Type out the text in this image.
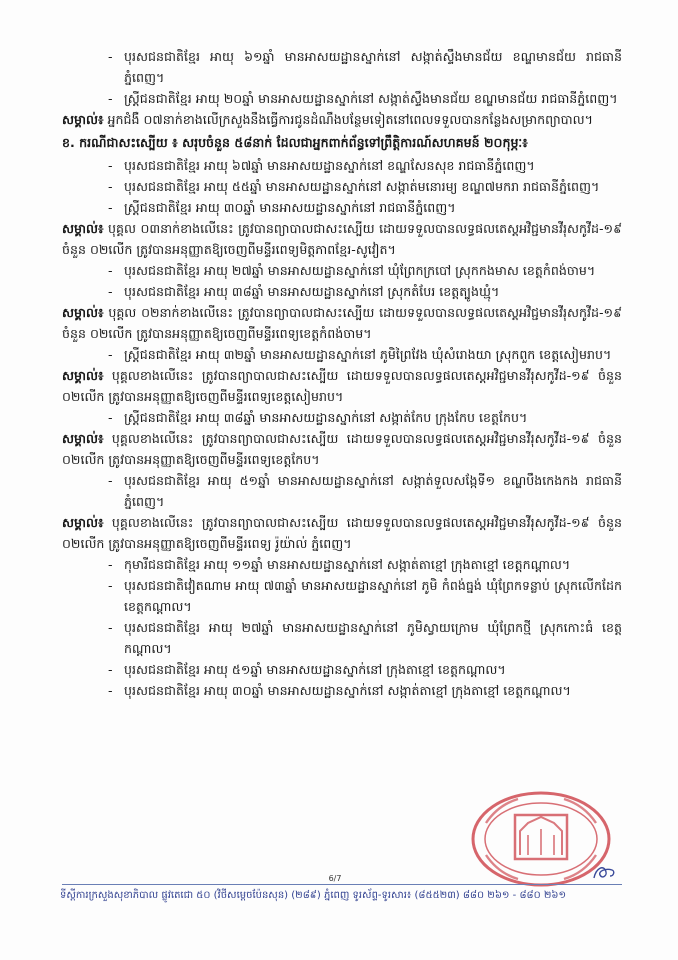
- បុរសជនជាតិខ្មែរ អាយុ ៦១ឆ្នាំ មានអាសយដ្ឋានស្នាក់នៅ សង្កាត់ស្ទឹងមានជ័យ ខណ្ឌមានជ័យ រាជធានីភ្នំពេញ។
- ស្ត្រីជនជាតិខ្មែរ អាយុ ២០ឆ្នាំ មានអាសយដ្ឋានស្នាក់នៅ សង្កាត់ស្ទឹងមានជ័យ ខណ្ឌមានជ័យ រាជធានីភ្នំពេញ។
សម្គាល់៖ អ្នកជំងឺ ០៧នាក់ខាងលើក្រសួងនឹងធ្វើការជូនដំណឹងបន្ថែមទៀតនៅពេលទទួលបានកន្លែងសម្រាកព្យាបាល។
ខ. ករណីជាសះស្បើយ ៖ សរុបចំនួន ៥៨នាក់ ដែលជាអ្នកពាក់ព័ន្ធទៅព្រឹត្តិការណ៍សហគមន៍ ២០កុម្ភៈ៖
- បុរសជនជាតិខ្មែរ អាយុ ៦៧ឆ្នាំ មានអាសយដ្ឋានស្នាក់នៅ ខណ្ឌសែនសុខ រាជធានីភ្នំពេញ។
- បុរសជនជាតិខ្មែរ អាយុ ៥៥ឆ្នាំ មានអាសយដ្ឋានស្នាក់នៅ សង្កាត់មនោរម្យ ខណ្ឌ៧មករា រាជធានីភ្នំពេញ។
- ស្ត្រីជនជាតិខ្មែរ អាយុ ៣០ឆ្នាំ មានអាសយដ្ឋានស្នាក់នៅ រាជធានីភ្នំពេញ។
សម្គាល់៖ បុគ្គល ០៣នាក់ខាងលើនេះ ត្រូវបានព្យាបាលជាសះស្បើយ ដោយទទួលបានលទ្ធផលតេស្តអវិជ្ជមានវីរុសកូវីដ-១៩ ចំនួន ០២លើក ត្រូវបានអនុញ្ញាតឱ្យចេញពីមន្ទីរពេទ្យមិត្តភាពខ្មែរ-សូវៀត។
- បុរសជនជាតិខ្មែរ អាយុ ២៧ឆ្នាំ មានអាសយដ្ឋានស្នាក់នៅ ឃុំព្រែកក្របៅ ស្រុកកងមាស ខេត្តកំពង់ចាម។
- បុរសជនជាតិខ្មែរ អាយុ ៣៨ឆ្នាំ មានអាសយដ្ឋានស្នាក់នៅ ស្រុកតំបែរ ខេត្តត្បូងឃ្មុំ។
សម្គាល់៖ បុគ្គល ០២នាក់ខាងលើនេះ ត្រូវបានព្យាបាលជាសះស្បើយ ដោយទទួលបានលទ្ធផលតេស្តអវិជ្ជមានវីរុសកូវីដ-១៩ ចំនួន ០២លើក ត្រូវបានអនុញ្ញាតឱ្យចេញពីមន្ទីរពេទ្យខេត្តកំពង់ចាម។
- ស្ត្រីជនជាតិខ្មែរ អាយុ ៣២ឆ្នាំ មានអាសយដ្ឋានស្នាក់នៅ ភូមិព្រៃវែង ឃុំសំរោងយា ស្រុកពួក ខេត្តសៀមរាប។
សម្គាល់៖ បុគ្គលខាងលើនេះ ត្រូវបានព្យាបាលជាសះស្បើយ ដោយទទួលបានលទ្ធផលតេស្តអវិជ្ជមានវីរុសកូវីដ-១៩ ចំនួន ០២លើក ត្រូវបានអនុញ្ញាតឱ្យចេញពីមន្ទីរពេទ្យខេត្តសៀមរាប។
- ស្ត្រីជនជាតិខ្មែរ អាយុ ៣៨ឆ្នាំ មានអាសយដ្ឋានស្នាក់នៅ សង្កាត់កែប ក្រុងកែប ខេត្តកែប។
សម្គាល់៖ បុគ្គលខាងលើនេះ ត្រូវបានព្យាបាលជាសះស្បើយ ដោយទទួលបានលទ្ធផលតេស្តអវិជ្ជមានវីរុសកូវីដ-១៩ ចំនួន ០២លើក ត្រូវបានអនុញ្ញាតឱ្យចេញពីមន្ទីរពេទ្យខេត្តកែប។
- បុរសជនជាតិខ្មែរ អាយុ ៥១ឆ្នាំ មានអាសយដ្ឋានស្នាក់នៅ សង្កាត់ទួលសង្កែទី១ ខណ្ឌបឹងកេងកង រាជធានីភ្នំពេញ។
សម្គាល់៖ បុគ្គលខាងលើនេះ ត្រូវបានព្យាបាលជាសះស្បើយ ដោយទទួលបានលទ្ធផលតេស្តអវិជ្ជមានវីរុសកូវីដ-១៩ ចំនួន ០២លើក ត្រូវបានអនុញ្ញាតឱ្យចេញពីមន្ទីរពេទ្យ រ៉ូយ៉ាល់ ភ្នំពេញ។
- កុមារីជនជាតិខ្មែរ អាយុ ១១ឆ្នាំ មានអាសយដ្ឋានស្នាក់នៅ សង្កាត់តាខ្មៅ ក្រុងតាខ្មៅ ខេត្តកណ្ដាល។
- បុរសជនជាតិវៀតណាម អាយុ ៧៣ឆ្នាំ មានអាសយដ្ឋានស្នាក់នៅ ភូមិ កំពង់ធ្នង់ ឃុំព្រែកទន្លាប់ ស្រុកលើកដែក ខេត្តកណ្ដាល។
- បុរសជនជាតិខ្មែរ អាយុ ២៧ឆ្នាំ មានអាសយដ្ឋានស្នាក់នៅ ភូមិស្វាយក្រោម ឃុំព្រែកថ្មី ស្រុកកោះធំ ខេត្តកណ្ដាល។
- បុរសជនជាតិខ្មែរ អាយុ ៥១ឆ្នាំ មានអាសយដ្ឋានស្នាក់នៅ ក្រុងតាខ្មៅ ខេត្តកណ្ដាល។
- បុរសជនជាតិខ្មែរ អាយុ ៣០ឆ្នាំ មានអាសយដ្ឋានស្នាក់នៅ សង្កាត់តាខ្មៅ ក្រុងតាខ្មៅ ខេត្តកណ្ដាល។
6/7
ទីស្តីការក្រសួងសុខាភិបាល ផ្លូវតេជោ ៥០ (វិថីសម្ដេចប៉ែនសុន) (២៨៩) ភ្នំពេញ ទូរស័ព្ទ-ទូរសារ៖ (៨៥៥២៣) ៨៨០ ២៦១ - ៨៨០ ២៦១
